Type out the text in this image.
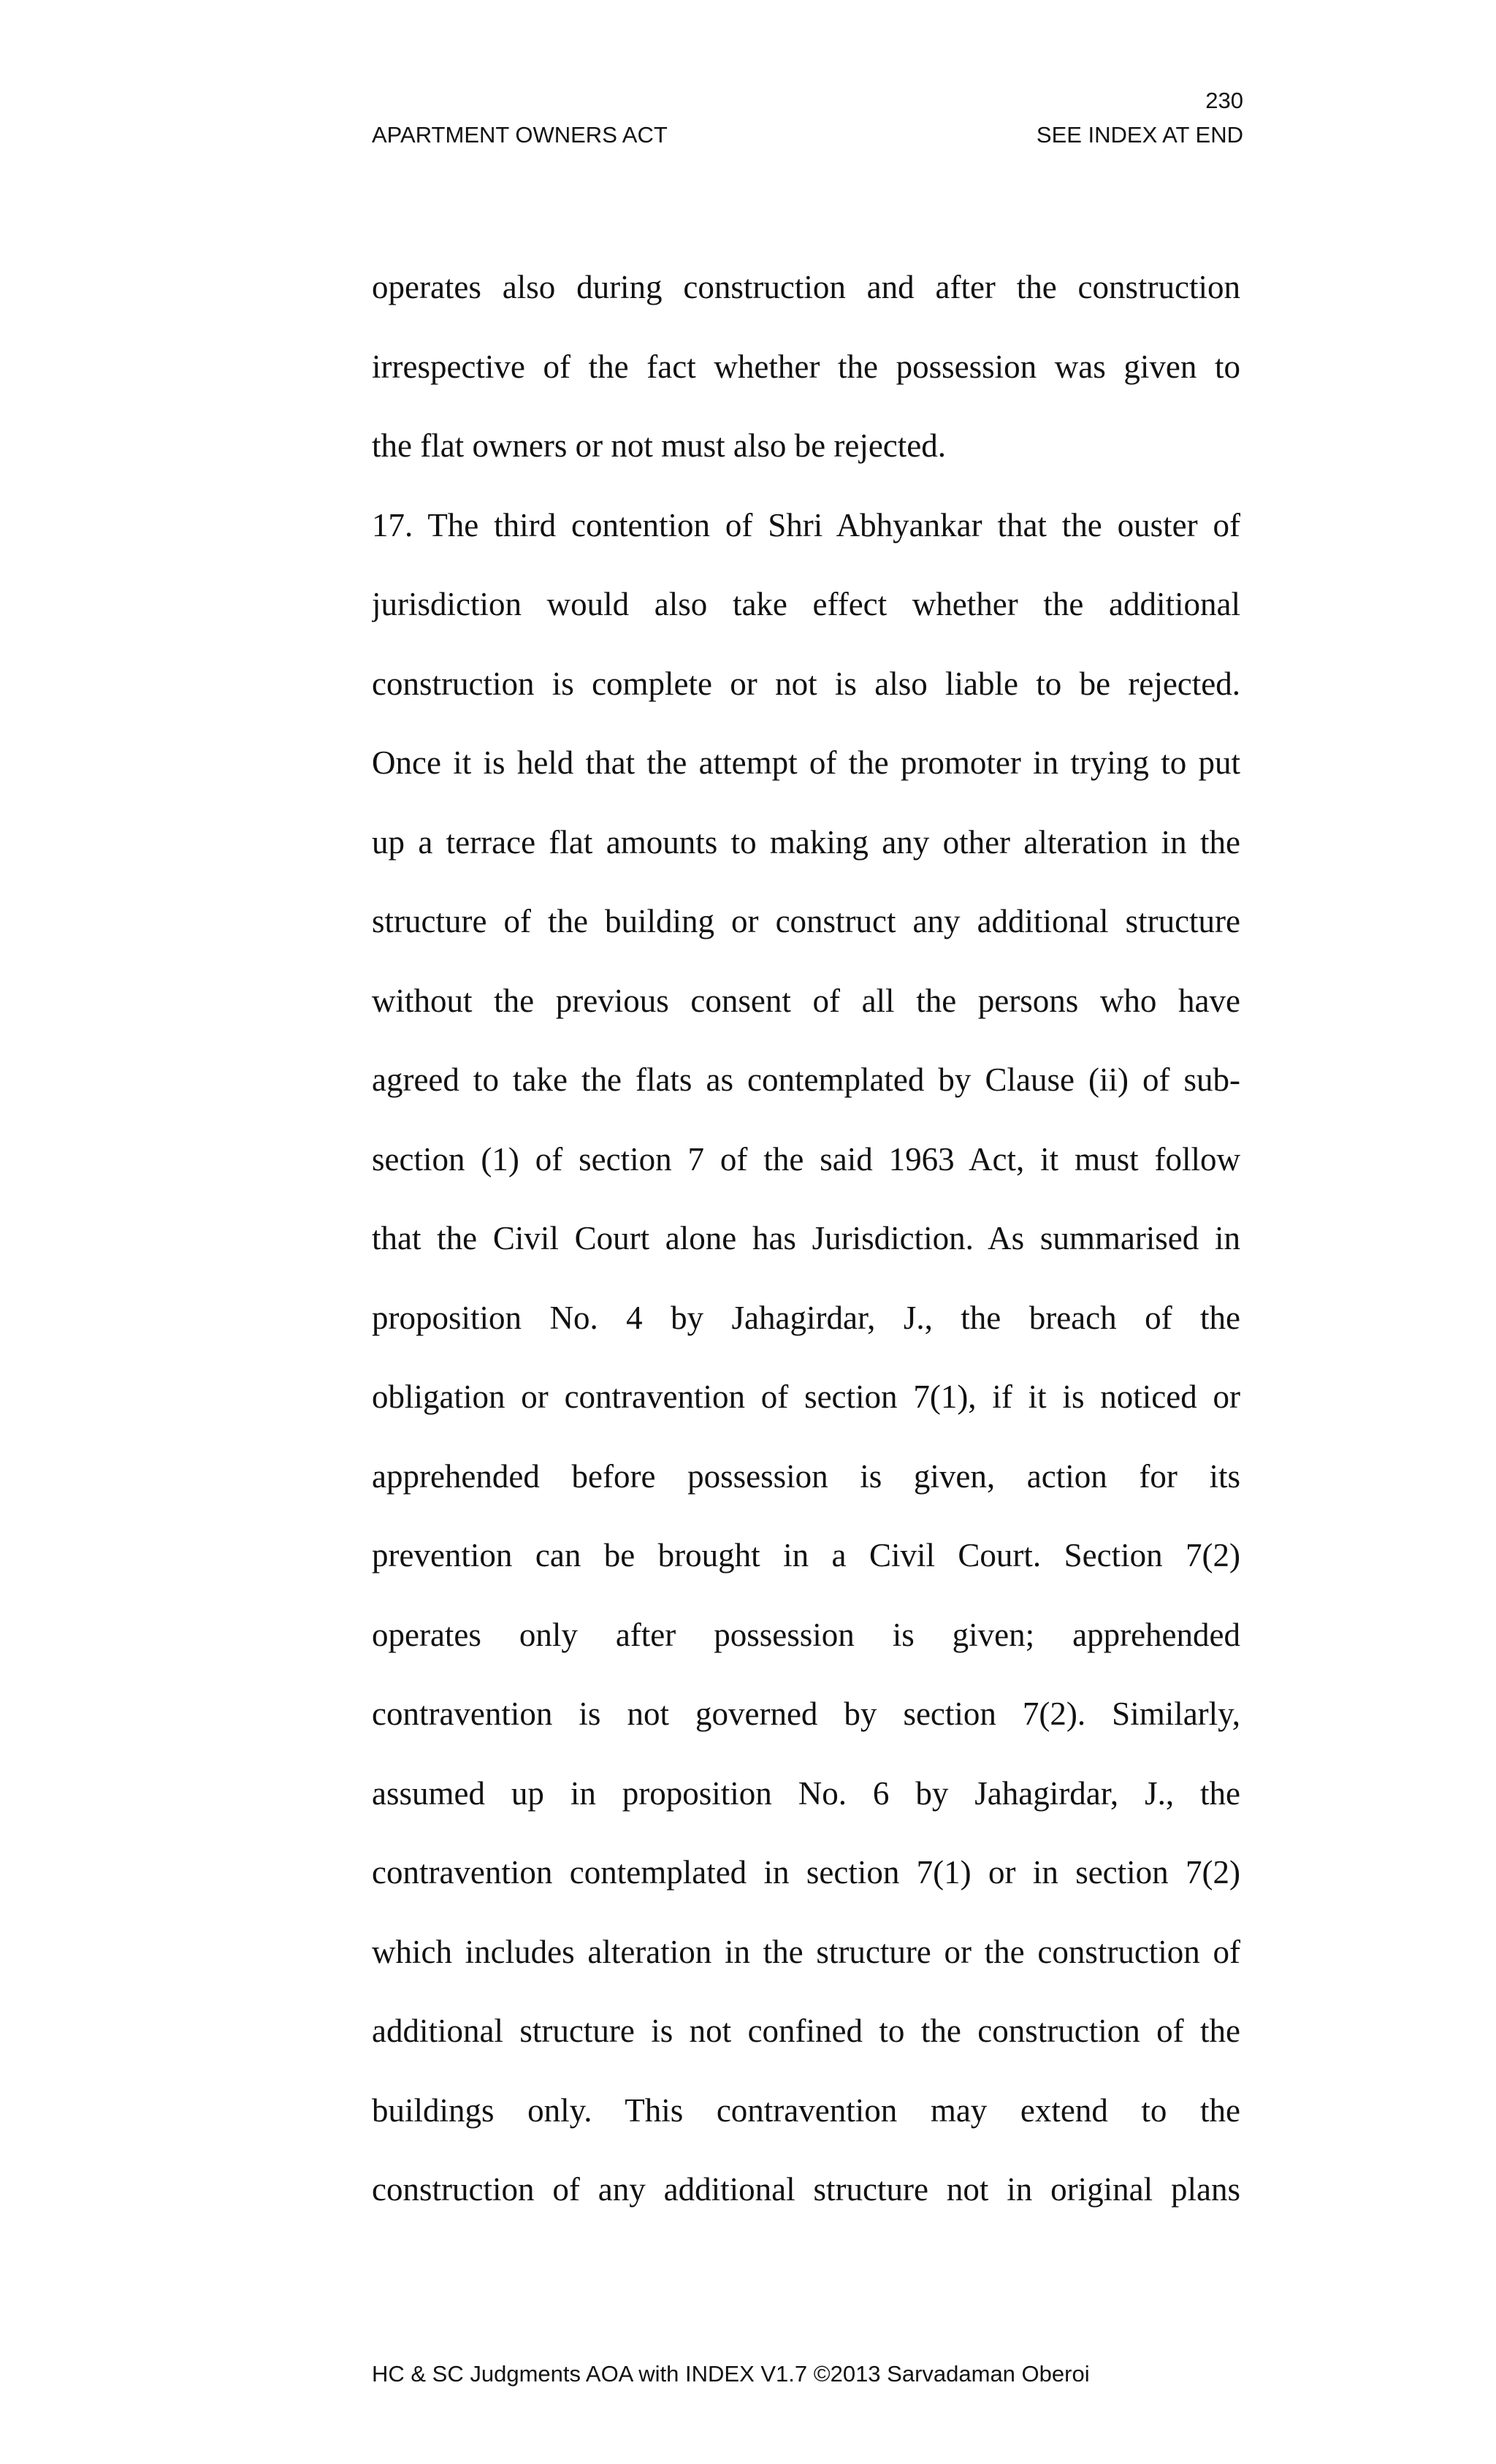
230
APARTMENT OWNERS ACT	SEE INDEX AT END
operates also during construction and after the construction
irrespective of the fact whether the possession was given to
the flat owners or not must also be rejected.
17. The third contention of Shri Abhyankar that the ouster of
jurisdiction would also take effect whether the additional
construction is complete or not is also liable to be rejected.
Once it is held that the attempt of the promoter in trying to put
up a terrace flat amounts to making any other alteration in the
structure of the building or construct any additional structure
without the previous consent of all the persons who have
agreed to take the flats as contemplated by Clause (ii) of sub-
section (1) of section 7 of the said 1963 Act, it must follow
that the Civil Court alone has Jurisdiction. As summarised in
proposition No. 4 by Jahagirdar, J., the breach of the
obligation or contravention of section 7(1), if it is noticed or
apprehended before possession is given, action for its
prevention can be brought in a Civil Court. Section 7(2)
operates only after possession is given; apprehended
contravention is not governed by section 7(2). Similarly,
assumed up in proposition No. 6 by Jahagirdar, J., the
contravention contemplated in section 7(1) or in section 7(2)
which includes alteration in the structure or the construction of
additional structure is not confined to the construction of the
buildings only. This contravention may extend to the
construction of any additional structure not in original plans
HC & SC Judgments AOA with INDEX V1.7 ©2013 Sarvadaman Oberoi
